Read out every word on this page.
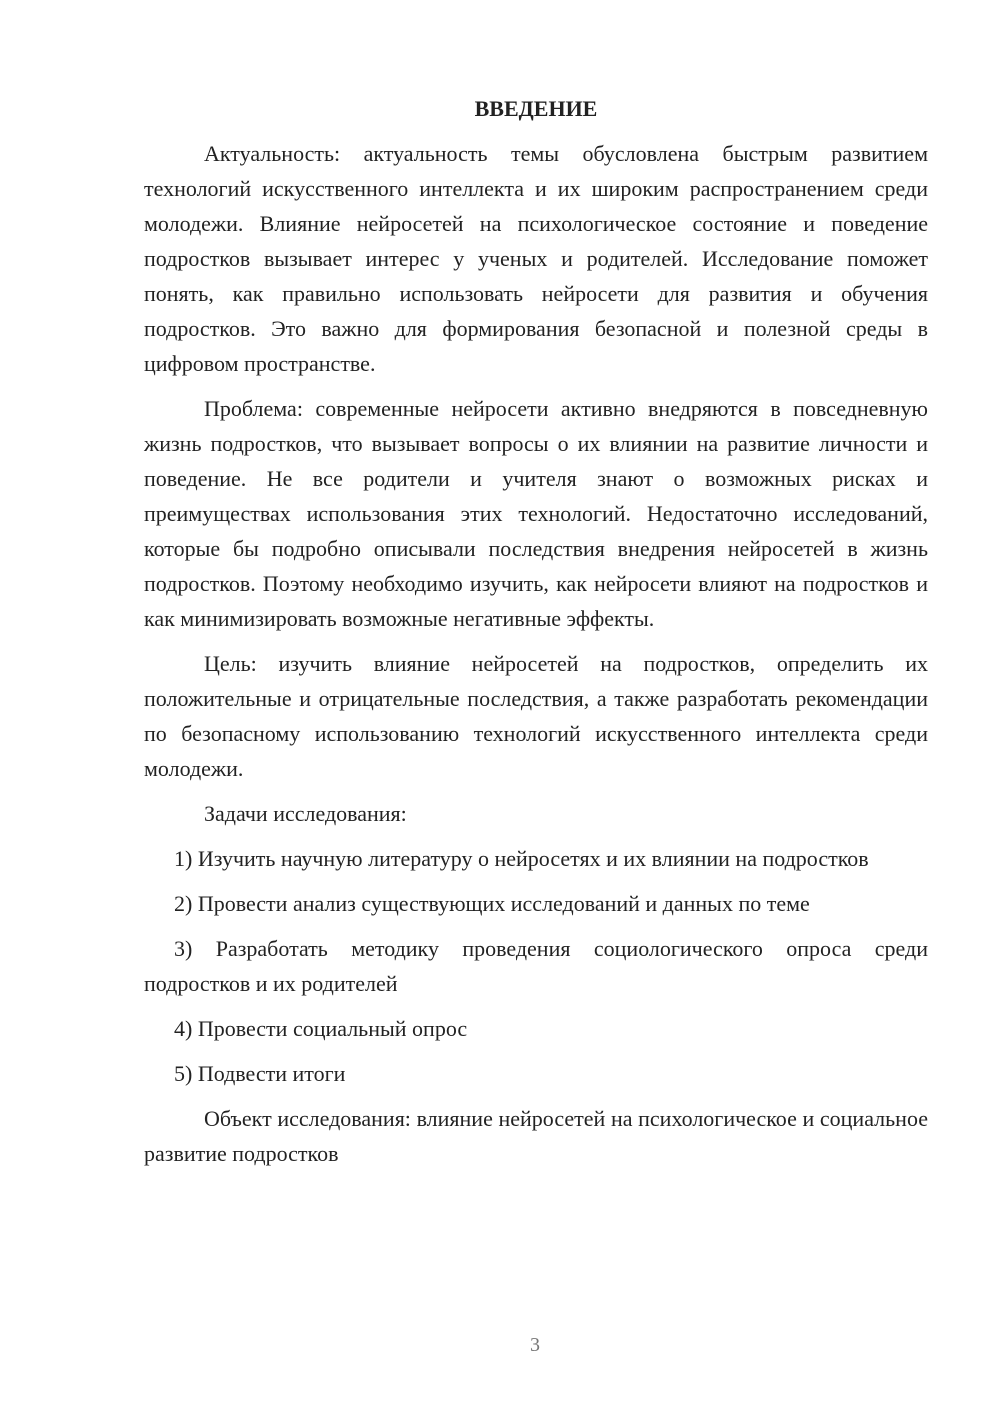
ВВЕДЕНИЕ

Актуальность: актуальность темы обусловлена быстрым развитием технологий искусственного интеллекта и их широким распространением среди молодежи. Влияние нейросетей на психологическое состояние и поведение подростков вызывает интерес у ученых и родителей. Исследование поможет понять, как правильно использовать нейросети для развития и обучения подростков. Это важно для формирования безопасной и полезной среды в цифровом пространстве.

Проблема: современные нейросети активно внедряются в повседневную жизнь подростков, что вызывает вопросы о их влиянии на развитие личности и поведение. Не все родители и учителя знают о возможных рисках и преимуществах использования этих технологий. Недостаточно исследований, которые бы подробно описывали последствия внедрения нейросетей в жизнь подростков. Поэтому необходимо изучить, как нейросети влияют на подростков и как минимизировать возможные негативные эффекты.

Цель: изучить влияние нейросетей на подростков, определить их положительные и отрицательные последствия, а также разработать рекомендации по безопасному использованию технологий искусственного интеллекта среди молодежи.

Задачи исследования:

1) Изучить научную литературу о нейросетях и их влиянии на подростков

2) Провести анализ существующих исследований и данных по теме

3) Разработать методику проведения социологического опроса среди подростков и их родителей

4) Провести социальный опрос

5) Подвести итоги

Объект исследования: влияние нейросетей на психологическое и социальное развитие подростков

3
